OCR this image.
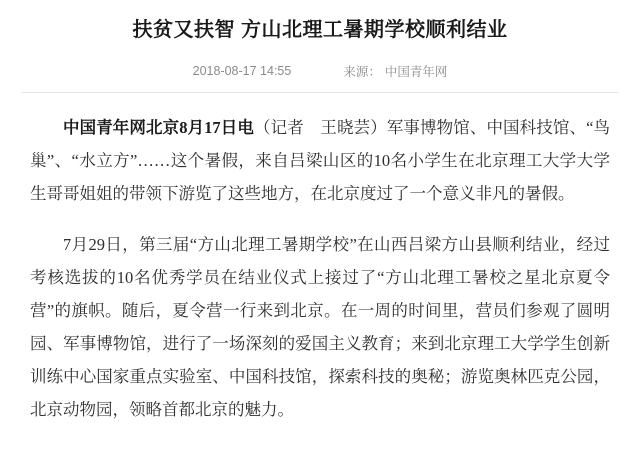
扶贫又扶智 方山北理工暑期学校顺利结业
2018-08-17 14:55	来源： 中国青年网

中国青年网北京8月17日电（记者　王晓芸）军事博物馆、中国科技馆、“鸟巢”、“水立方”……这个暑假，来自吕梁山区的10名小学生在北京理工大学大学生哥哥姐姐的带领下游览了这些地方，在北京度过了一个意义非凡的暑假。

7月29日，第三届“方山北理工暑期学校”在山西吕梁方山县顺利结业，经过考核选拔的10名优秀学员在结业仪式上接过了“方山北理工暑校之星北京夏令营”的旗帜。随后，夏令营一行来到北京。在一周的时间里，营员们参观了圆明园、军事博物馆，进行了一场深刻的爱国主义教育；来到北京理工大学学生创新训练中心国家重点实验室、中国科技馆，探索科技的奥秘；游览奥林匹克公园，北京动物园，领略首都北京的魅力。
